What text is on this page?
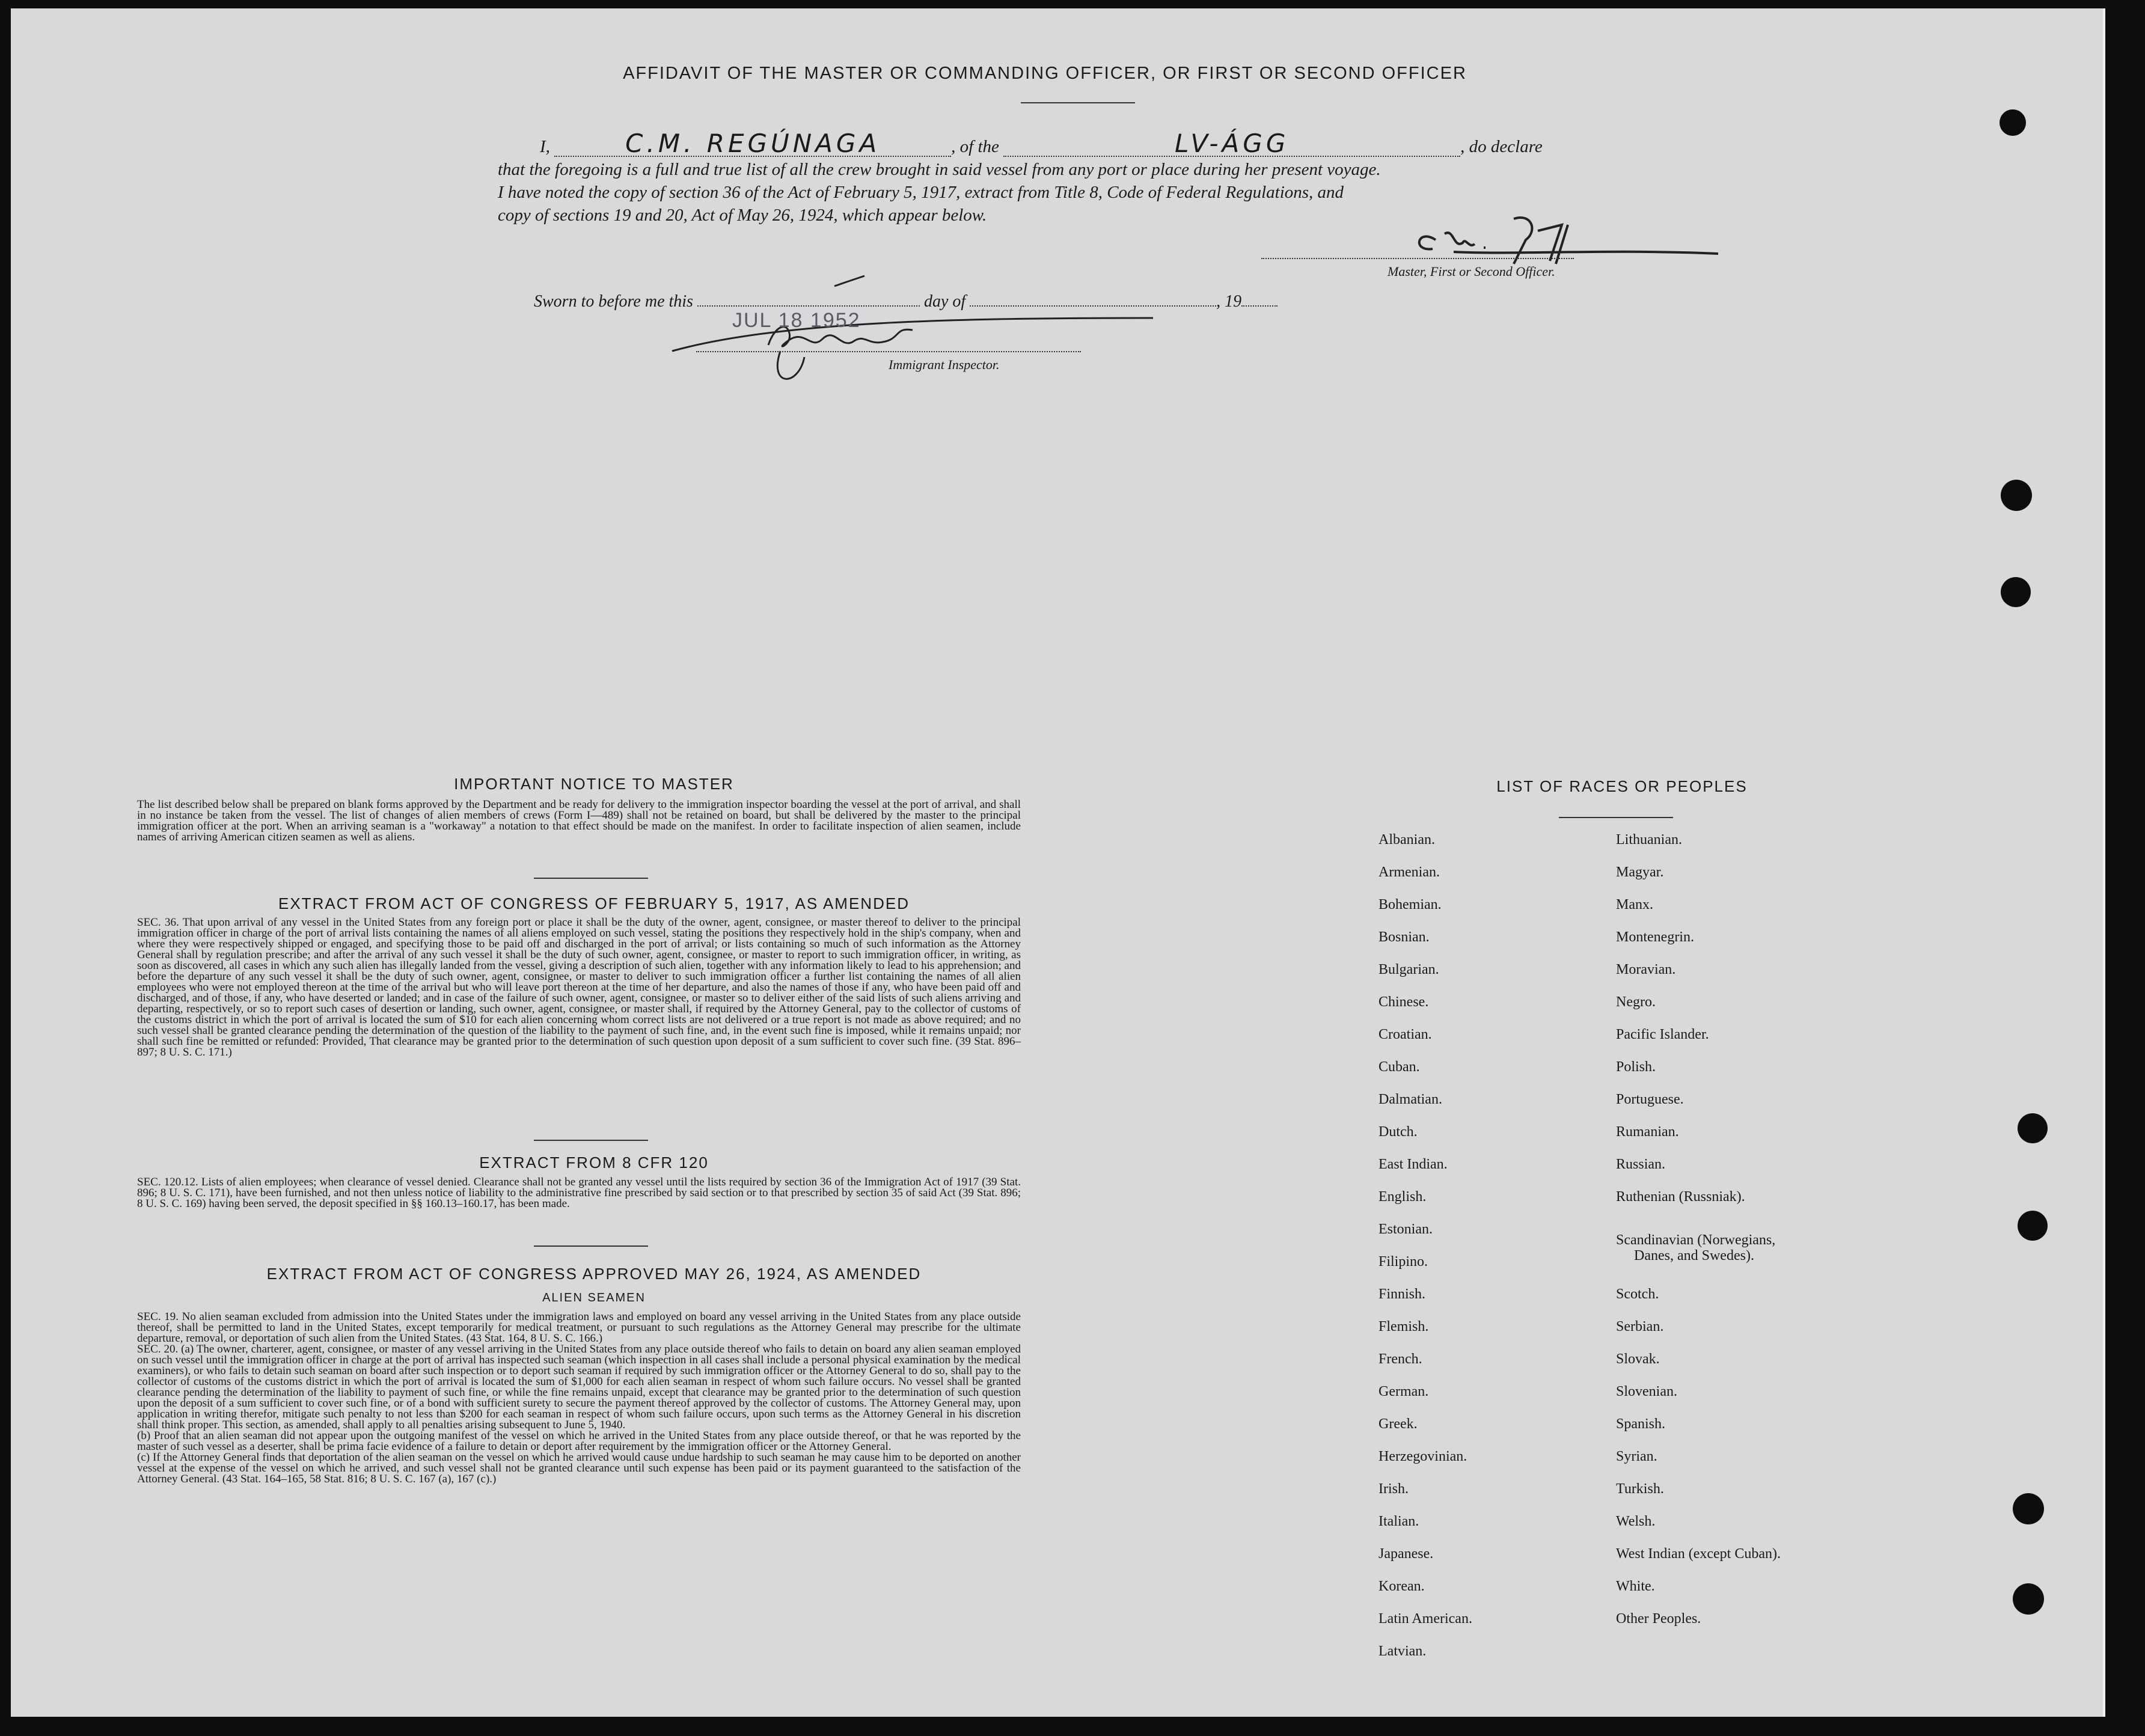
AFFIDAVIT OF THE MASTER OR COMMANDING OFFICER, OR FIRST OR SECOND OFFICER

I,	C.M. REGÚNAGA	, of the	LV-ÁGG	, do declare

that the foregoing is a full and true list of all the crew brought in said vessel from any port or place during her present voyage.

I have noted the copy of section 36 of the Act of February 5, 1917, extract from Title 8, Code of Federal Regulations, and

copy of sections 19 and 20, Act of May 26, 1924, which appear below.

Master, First or Second Officer.
Sworn to before me this	day of	, 19
JUL 18 1952
Immigrant Inspector.
IMPORTANT NOTICE TO MASTER
The list described below shall be prepared on blank forms approved by the Department and be ready for delivery to the immigration inspector boarding the vessel at the port of arrival, and shall in no instance be taken from the vessel. The list of changes of alien members of crews (Form I—489) shall not be retained on board, but shall be delivered by the master to the principal immigration officer at the port. When an arriving seaman is a "workaway" a notation to that effect should be made on the manifest. In order to facilitate inspection of alien seamen, include names of arriving American citizen seamen as well as aliens.
EXTRACT FROM ACT OF CONGRESS OF FEBRUARY 5, 1917, AS AMENDED
SEC. 36. That upon arrival of any vessel in the United States from any foreign port or place it shall be the duty of the owner, agent, consignee, or master thereof to deliver to the principal immigration officer in charge of the port of arrival lists containing the names of all aliens employed on such vessel, stating the positions they respectively hold in the ship's company, when and where they were respectively shipped or engaged, and specifying those to be paid off and discharged in the port of arrival; or lists containing so much of such information as the Attorney General shall by regulation prescribe; and after the arrival of any such vessel it shall be the duty of such owner, agent, consignee, or master to report to such immigration officer, in writing, as soon as discovered, all cases in which any such alien has illegally landed from the vessel, giving a description of such alien, together with any information likely to lead to his apprehension; and before the departure of any such vessel it shall be the duty of such owner, agent, consignee, or master to deliver to such immigration officer a further list containing the names of all alien employees who were not employed thereon at the time of the arrival but who will leave port thereon at the time of her departure, and also the names of those if any, who have been paid off and discharged, and of those, if any, who have deserted or landed; and in case of the failure of such owner, agent, consignee, or master so to deliver either of the said lists of such aliens arriving and departing, respectively, or so to report such cases of desertion or landing, such owner, agent, consignee, or master shall, if required by the Attorney General, pay to the collector of customs of the customs district in which the port of arrival is located the sum of $10 for each alien concerning whom correct lists are not delivered or a true report is not made as above required; and no such vessel shall be granted clearance pending the determination of the question of the liability to the payment of such fine, and, in the event such fine is imposed, while it remains unpaid; nor shall such fine be remitted or refunded: Provided, That clearance may be granted prior to the determination of such question upon deposit of a sum sufficient to cover such fine. (39 Stat. 896–897; 8 U. S. C. 171.)
EXTRACT FROM 8 CFR 120
SEC. 120.12. Lists of alien employees; when clearance of vessel denied. Clearance shall not be granted any vessel until the lists required by section 36 of the Immigration Act of 1917 (39 Stat. 896; 8 U. S. C. 171), have been furnished, and not then unless notice of liability to the administrative fine prescribed by said section or to that prescribed by section 35 of said Act (39 Stat. 896; 8 U. S. C. 169) having been served, the deposit specified in §§ 160.13–160.17, has been made.
EXTRACT FROM ACT OF CONGRESS APPROVED MAY 26, 1924, AS AMENDED
ALIEN SEAMEN
SEC. 19. No alien seaman excluded from admission into the United States under the immigration laws and employed on board any vessel arriving in the United States from any place outside thereof, shall be permitted to land in the United States, except temporarily for medical treatment, or pursuant to such regulations as the Attorney General may prescribe for the ultimate departure, removal, or deportation of such alien from the United States. (43 Stat. 164, 8 U. S. C. 166.)
SEC. 20. (a) The owner, charterer, agent, consignee, or master of any vessel arriving in the United States from any place outside thereof who fails to detain on board any alien seaman employed on such vessel until the immigration officer in charge at the port of arrival has inspected such seaman (which inspection in all cases shall include a personal physical examination by the medical examiners), or who fails to detain such seaman on board after such inspection or to deport such seaman if required by such immigration officer or the Attorney General to do so, shall pay to the collector of customs of the customs district in which the port of arrival is located the sum of $1,000 for each alien seaman in respect of whom such failure occurs. No vessel shall be granted clearance pending the determination of the liability to payment of such fine, or while the fine remains unpaid, except that clearance may be granted prior to the determination of such question upon the deposit of a sum sufficient to cover such fine, or of a bond with sufficient surety to secure the payment thereof approved by the collector of customs. The Attorney General may, upon application in writing therefor, mitigate such penalty to not less than $200 for each seaman in respect of whom such failure occurs, upon such terms as the Attorney General in his discretion shall think proper. This section, as amended, shall apply to all penalties arising subsequent to June 5, 1940.
(b) Proof that an alien seaman did not appear upon the outgoing manifest of the vessel on which he arrived in the United States from any place outside thereof, or that he was reported by the master of such vessel as a deserter, shall be prima facie evidence of a failure to detain or deport after requirement by the immigration officer or the Attorney General.
(c) If the Attorney General finds that deportation of the alien seaman on the vessel on which he arrived would cause undue hardship to such seaman he may cause him to be deported on another vessel at the expense of the vessel on which he arrived, and such vessel shall not be granted clearance until such expense has been paid or its payment guaranteed to the satisfaction of the Attorney General. (43 Stat. 164–165, 58 Stat. 816; 8 U. S. C. 167 (a), 167 (c).)
LIST OF RACES OR PEOPLES
Albanian.
Armenian.
Bohemian.
Bosnian.
Bulgarian.
Chinese.
Croatian.
Cuban.
Dalmatian.
Dutch.
East Indian.
English.
Estonian.
Filipino.
Finnish.
Flemish.
French.
German.
Greek.
Herzegovinian.
Irish.
Italian.
Japanese.
Korean.
Latin American.
Latvian.
Lithuanian.
Magyar.
Manx.
Montenegrin.
Moravian.
Negro.
Pacific Islander.
Polish.
Portuguese.
Rumanian.
Russian.
Ruthenian (Russniak).
Scandinavian (Norwegians,
Danes, and Swedes).
Scotch.
Serbian.
Slovak.
Slovenian.
Spanish.
Syrian.
Turkish.
Welsh.
West Indian (except Cuban).
White.
Other Peoples.
